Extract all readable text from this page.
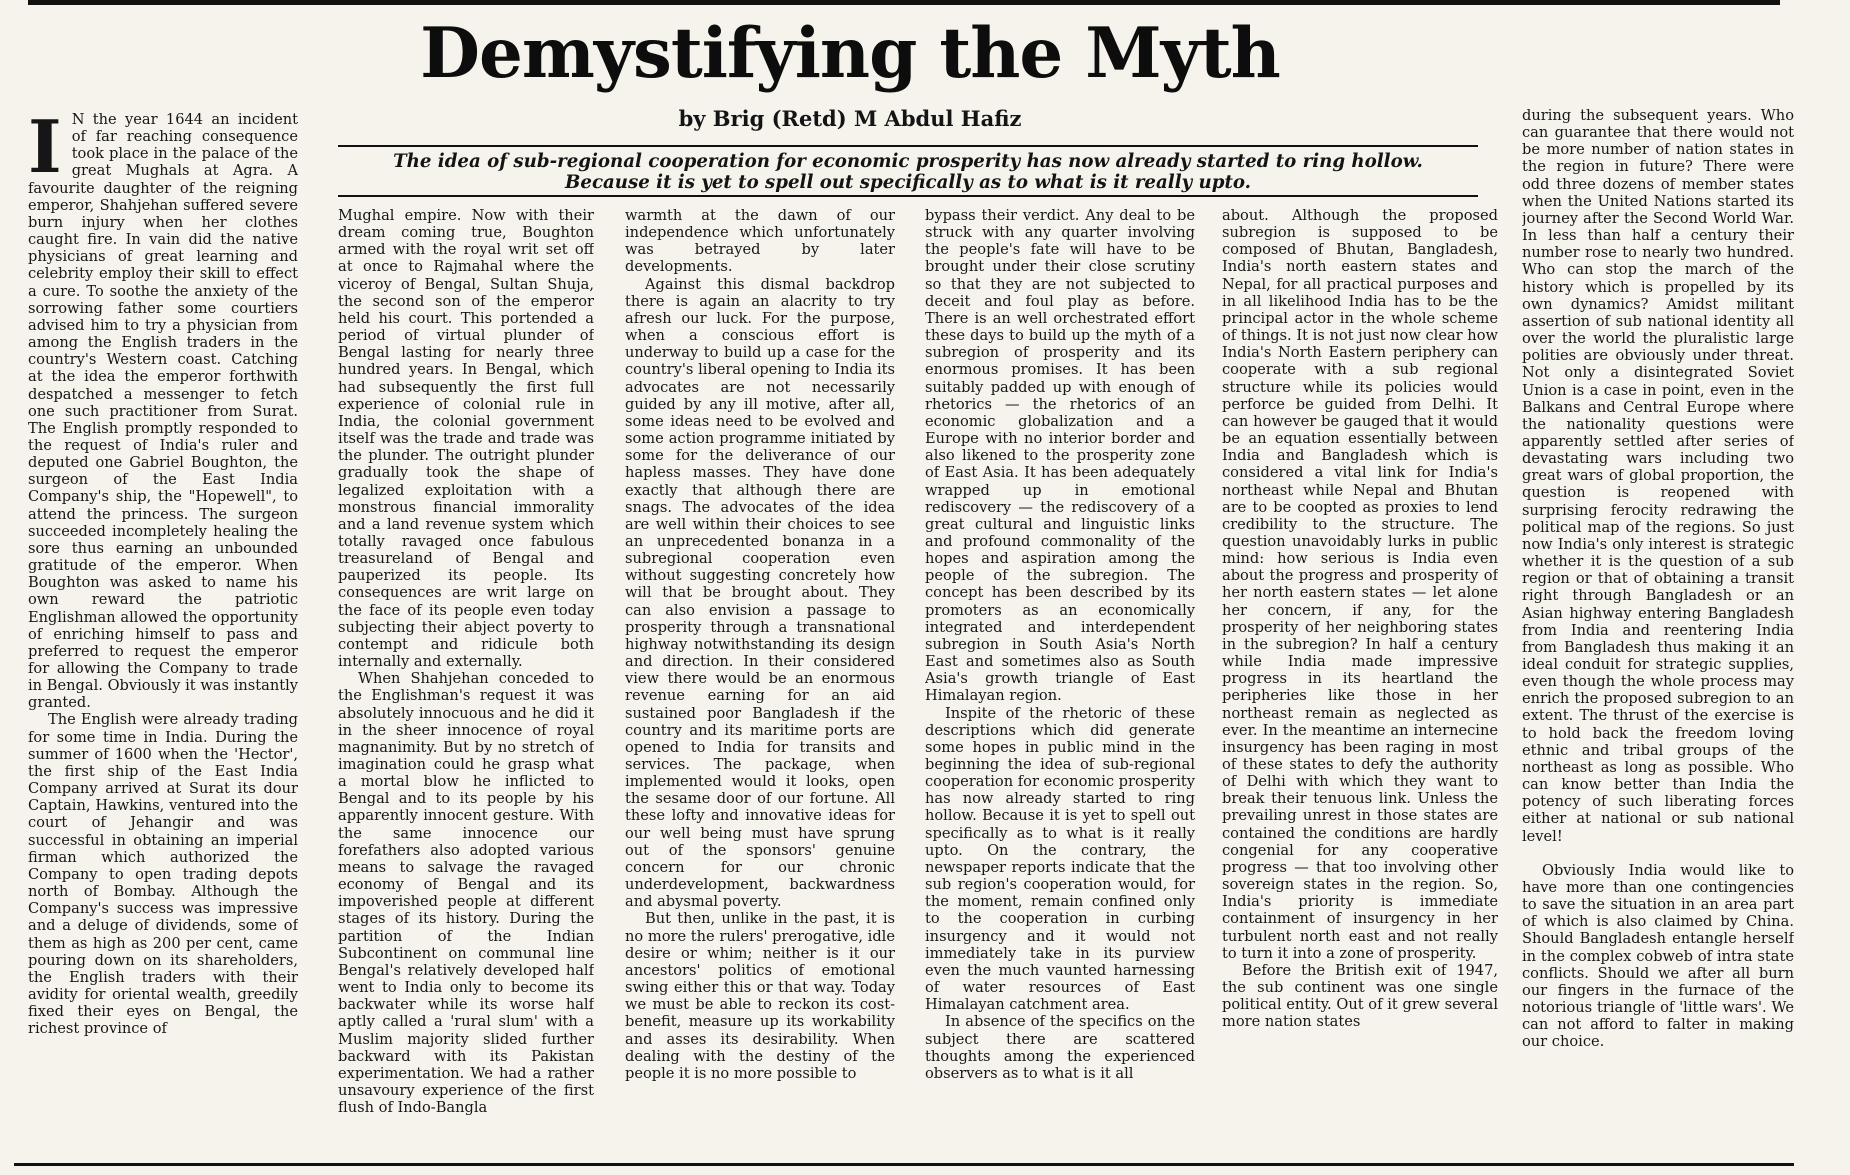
Demystifying the Myth
by Brig (Retd) M Abdul Hafiz

The idea of sub-regional cooperation for economic prosperity has now already started to ring hollow. Because it is yet to spell out specifically as to what is it really upto.

I N the year 1644 an incident of far reaching consequence took place in the palace of the great Mughals at Agra. A favourite daughter of the reigning emperor, Shahjehan suffered severe burn injury when her clothes caught fire. In vain did the native physicians of great learning and celebrity employ their skill to effect a cure. To soothe the anxiety of the sorrowing father some courtiers advised him to try a physician from among the English traders in the country's Western coast. Catching at the idea the emperor forthwith despatched a messenger to fetch one such practitioner from Surat. The English promptly responded to the request of India's ruler and deputed one Gabriel Boughton, the surgeon of the East India Company's ship, the "Hopewell", to attend the princess. The surgeon succeeded incompletely healing the sore thus earning an unbounded gratitude of the emperor. When Boughton was asked to name his own reward the patriotic Englishman allowed the opportunity of enriching himself to pass and preferred to request the emperor for allowing the Company to trade in Bengal. Obviously it was instantly granted.

The English were already trading for some time in India. During the summer of 1600 when the 'Hector', the first ship of the East India Company arrived at Surat its dour Captain, Hawkins, ventured into the court of Jehangir and was successful in obtaining an imperial firman which authorized the Company to open trading depots north of Bombay. Although the Company's success was impressive and a deluge of dividends, some of them as high as 200 per cent, came pouring down on its shareholders, the English traders with their avidity for oriental wealth, greedily fixed their eyes on Bengal, the richest province of

Mughal empire. Now with their dream coming true, Boughton armed with the royal writ set off at once to Rajmahal where the viceroy of Bengal, Sultan Shuja, the second son of the emperor held his court. This portended a period of virtual plunder of Bengal lasting for nearly three hundred years. In Bengal, which had subsequently the first full experience of colonial rule in India, the colonial government itself was the trade and trade was the plunder. The outright plunder gradually took the shape of legalized exploitation with a monstrous financial immorality and a land revenue system which totally ravaged once fabulous treasureland of Bengal and pauperized its people. Its consequences are writ large on the face of its people even today subjecting their abject poverty to contempt and ridicule both internally and externally.

When Shahjehan conceded to the Englishman's request it was absolutely innocuous and he did it in the sheer innocence of royal magnanimity. But by no stretch of imagination could he grasp what a mortal blow he inflicted to Bengal and to its people by his apparently innocent gesture. With the same innocence our forefathers also adopted various means to salvage the ravaged economy of Bengal and its impoverished people at different stages of its history. During the partition of the Indian Subcontinent on communal line Bengal's relatively developed half went to India only to become its backwater while its worse half aptly called a 'rural slum' with a Muslim majority slided further backward with its Pakistan experimentation. We had a rather unsavoury experience of the first flush of Indo-Bangla

warmth at the dawn of our independence which unfortunately was betrayed by later developments.

Against this dismal backdrop there is again an alacrity to try afresh our luck. For the purpose, when a conscious effort is underway to build up a case for the country's liberal opening to India its advocates are not necessarily guided by any ill motive, after all, some ideas need to be evolved and some action programme initiated by some for the deliverance of our hapless masses. They have done exactly that although there are snags. The advocates of the idea are well within their choices to see an unprecedented bonanza in a subregional cooperation even without suggesting concretely how will that be brought about. They can also envision a passage to prosperity through a transnational highway notwithstanding its design and direction. In their considered view there would be an enormous revenue earning for an aid sustained poor Bangladesh if the country and its maritime ports are opened to India for transits and services. The package, when implemented would it looks, open the sesame door of our fortune. All these lofty and innovative ideas for our well being must have sprung out of the sponsors' genuine concern for our chronic underdevelopment, backwardness and abysmal poverty.

But then, unlike in the past, it is no more the rulers' prerogative, idle desire or whim; neither is it our ancestors' politics of emotional swing either this or that way. Today we must be able to reckon its cost-benefit, measure up its workability and asses its desirability. When dealing with the destiny of the people it is no more possible to

bypass their verdict. Any deal to be struck with any quarter involving the people's fate will have to be brought under their close scrutiny so that they are not subjected to deceit and foul play as before. There is an well orchestrated effort these days to build up the myth of a subregion of prosperity and its enormous promises. It has been suitably padded up with enough of rhetorics — the rhetorics of an economic globalization and a Europe with no interior border and also likened to the prosperity zone of East Asia. It has been adequately wrapped up in emotional rediscovery — the rediscovery of a great cultural and linguistic links and profound commonality of the hopes and aspiration among the people of the subregion. The concept has been described by its promoters as an economically integrated and interdependent subregion in South Asia's North East and sometimes also as South Asia's growth triangle of East Himalayan region.

Inspite of the rhetoric of these descriptions which did generate some hopes in public mind in the beginning the idea of sub-regional cooperation for economic prosperity has now already started to ring hollow. Because it is yet to spell out specifically as to what is it really upto. On the contrary, the newspaper reports indicate that the sub region's cooperation would, for the moment, remain confined only to the cooperation in curbing insurgency and it would not immediately take in its purview even the much vaunted harnessing of water resources of East Himalayan catchment area.

In absence of the specifics on the subject there are scattered thoughts among the experienced observers as to what is it all

about. Although the proposed subregion is supposed to be composed of Bhutan, Bangladesh, India's north eastern states and Nepal, for all practical purposes and in all likelihood India has to be the principal actor in the whole scheme of things. It is not just now clear how India's North Eastern periphery can cooperate with a sub regional structure while its policies would perforce be guided from Delhi. It can however be gauged that it would be an equation essentially between India and Bangladesh which is considered a vital link for India's northeast while Nepal and Bhutan are to be coopted as proxies to lend credibility to the structure. The question unavoidably lurks in public mind: how serious is India even about the progress and prosperity of her north eastern states — let alone her concern, if any, for the prosperity of her neighboring states in the subregion? In half a century while India made impressive progress in its heartland the peripheries like those in her northeast remain as neglected as ever. In the meantime an internecine insurgency has been raging in most of these states to defy the authority of Delhi with which they want to break their tenuous link. Unless the prevailing unrest in those states are contained the conditions are hardly congenial for any cooperative progress — that too involving other sovereign states in the region. So, India's priority is immediate containment of insurgency in her turbulent north east and not really to turn it into a zone of prosperity.

Before the British exit of 1947, the sub continent was one single political entity. Out of it grew several more nation states

during the subsequent years. Who can guarantee that there would not be more number of nation states in the region in future? There were odd three dozens of member states when the United Nations started its journey after the Second World War. In less than half a century their number rose to nearly two hundred. Who can stop the march of the history which is propelled by its own dynamics? Amidst militant assertion of sub national identity all over the world the pluralistic large polities are obviously under threat. Not only a disintegrated Soviet Union is a case in point, even in the Balkans and Central Europe where the nationality questions were apparently settled after series of devastating wars including two great wars of global proportion, the question is reopened with surprising ferocity redrawing the political map of the regions. So just now India's only interest is strategic whether it is the question of a sub region or that of obtaining a transit right through Bangladesh or an Asian highway entering Bangladesh from India and reentering India from Bangladesh thus making it an ideal conduit for strategic supplies, even though the whole process may enrich the proposed subregion to an extent. The thrust of the exercise is to hold back the freedom loving ethnic and tribal groups of the northeast as long as possible. Who can know better than India the potency of such liberating forces either at national or sub national level!

Obviously India would like to have more than one contingencies to save the situation in an area part of which is also claimed by China. Should Bangladesh entangle herself in the complex cobweb of intra state conflicts. Should we after all burn our fingers in the furnace of the notorious triangle of 'little wars'. We can not afford to falter in making our choice.
